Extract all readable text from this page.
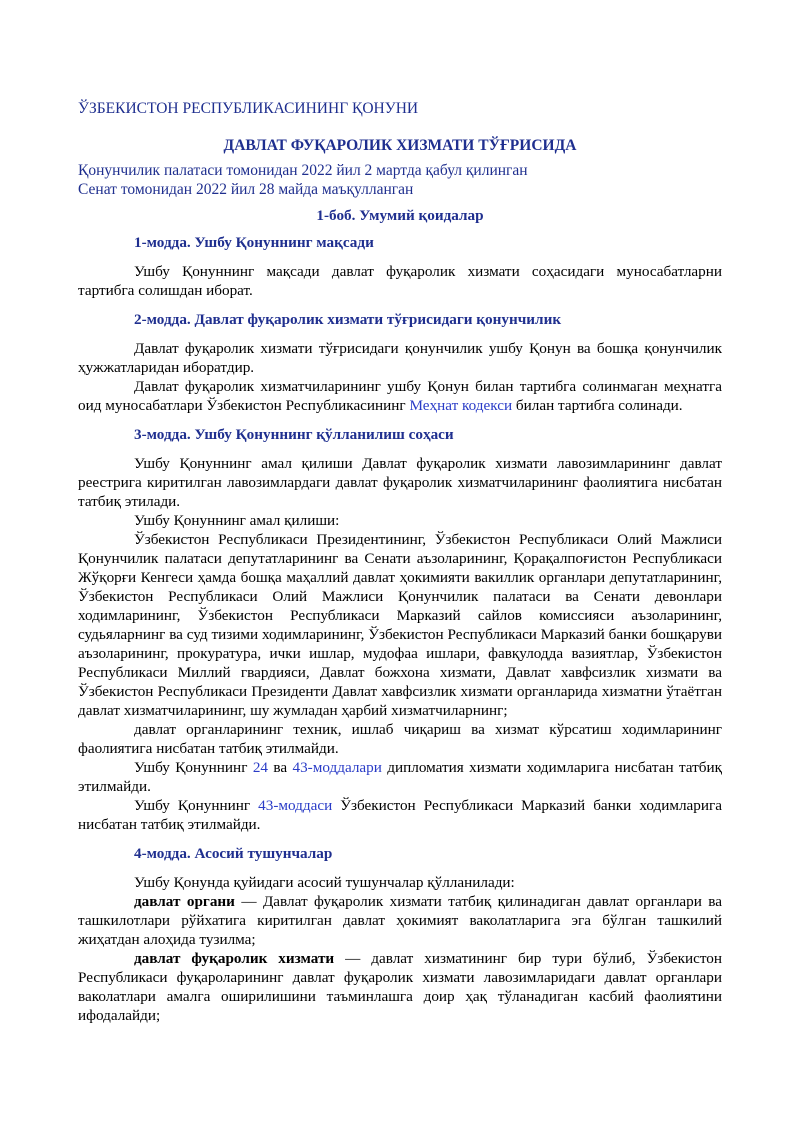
ЎЗБЕКИСТОН РЕСПУБЛИКАСИНИНГ ҚОНУНИ
ДАВЛАТ ФУҚАРОЛИК ХИЗМАТИ ТЎҒРИСИДА
Қонунчилик палатаси томонидан 2022 йил 2 мартда қабул қилинган
Сенат томонидан 2022 йил 28 майда маъқулланган
1-боб. Умумий қоидалар
1-модда. Ушбу Қонуннинг мақсади

Ушбу Қонуннинг мақсади давлат фуқаролик хизмати соҳасидаги муносабатларни тартибга солишдан иборат.

2-модда. Давлат фуқаролик хизмати тўғрисидаги қонунчилик

Давлат фуқаролик хизмати тўғрисидаги қонунчилик ушбу Қонун ва бошқа қонунчилик ҳужжатларидан иборатдир.

Давлат фуқаролик хизматчиларининг ушбу Қонун билан тартибга солинмаган меҳнатга оид муносабатлари Ўзбекистон Республикасининг Меҳнат кодекси билан тартибга солинади.

3-модда. Ушбу Қонуннинг қўлланилиш соҳаси

Ушбу Қонуннинг амал қилиши Давлат фуқаролик хизмати лавозимларининг давлат реестрига киритилган лавозимлардаги давлат фуқаролик хизматчиларининг фаолиятига нисбатан татбиқ этилади.

Ушбу Қонуннинг амал қилиши:

Ўзбекистон Республикаси Президентининг, Ўзбекистон Республикаси Олий Мажлиси Қонунчилик палатаси депутатларининг ва Сенати аъзоларининг, Қорақалпоғистон Республикаси Жўқорғи Кенгеси ҳамда бошқа маҳаллий давлат ҳокимияти вакиллик органлари депутатларининг, Ўзбекистон Республикаси Олий Мажлиси Қонунчилик палатаси ва Сенати девонлари ходимларининг, Ўзбекистон Республикаси Марказий сайлов комиссияси аъзоларининг, судьяларнинг ва суд тизими ходимларининг, Ўзбекистон Республикаси Марказий банки бошқаруви аъзоларининг, прокуратура, ички ишлар, мудофаа ишлари, фавқулодда вазиятлар, Ўзбекистон Республикаси Миллий гвардияси, Давлат божхона хизмати, Давлат хавфсизлик хизмати ва Ўзбекистон Республикаси Президенти Давлат хавфсизлик хизмати органларида хизматни ўтаётган давлат хизматчиларининг, шу жумладан ҳарбий хизматчиларнинг;

давлат органларининг техник, ишлаб чиқариш ва хизмат кўрсатиш ходимларининг фаолиятига нисбатан татбиқ этилмайди.

Ушбу Қонуннинг 24 ва 43-моддалари дипломатия хизмати ходимларига нисбатан татбиқ этилмайди.

Ушбу Қонуннинг 43-моддаси Ўзбекистон Республикаси Марказий банки ходимларига нисбатан татбиқ этилмайди.

4-модда. Асосий тушунчалар

Ушбу Қонунда қуйидаги асосий тушунчалар қўлланилади:

давлат органи — Давлат фуқаролик хизмати татбиқ қилинадиган давлат органлари ва ташкилотлари рўйхатига киритилган давлат ҳокимият ваколатларига эга бўлган ташкилий жиҳатдан алоҳида тузилма;

давлат фуқаролик хизмати — давлат хизматининг бир тури бўлиб, Ўзбекистон Республикаси фуқароларининг давлат фуқаролик хизмати лавозимларидаги давлат органлари ваколатлари амалга оширилишини таъминлашга доир ҳақ тўланадиган касбий фаолиятини ифодалайди;
